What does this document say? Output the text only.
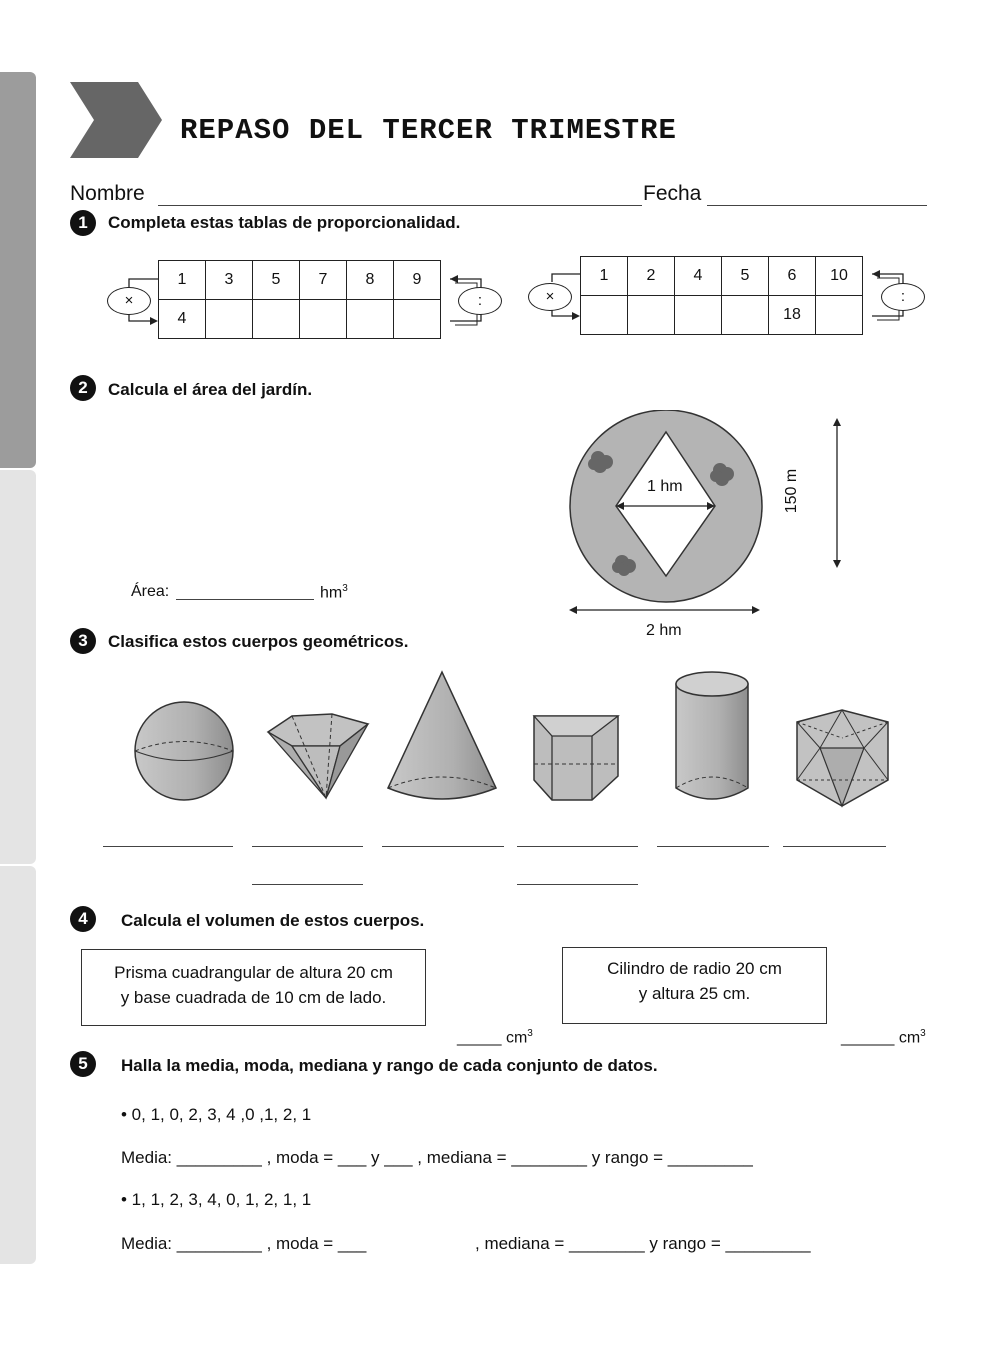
REPASO DEL TERCER TRIMESTRE
Nombre	Fecha
1	Completa estas tablas de proporcionalidad.
1	3	5	7	8	9
4					
×	:
1	2	4	5	6	10
				18	
×	:
2	Calcula el área del jardín.
1 hm	150 m
2 hm
Área:	$hm^3$
3	Clasifica estos cuerpos geométricos.
4	Calcula el volumen de estos cuerpos.
Prisma cuadrangular de altura 20 cm
y base cuadrada de 10 cm de lado.
_____ $cm^3$
Cilindro de radio 20 cm
y altura 25 cm.
______ $cm^3$
5	Halla la media, moda, mediana y rango de cada conjunto de datos.
• 0, 1, 0, 2, 3, 4 ,0 ,1, 2, 1
Media: _________ , moda = ___ y ___ , mediana = ________ y rango = _________
• 1, 1, 2, 3, 4, 0, 1, 2, 1, 1
Media: _________ , moda = ___	, mediana = ________ y rango = _________
